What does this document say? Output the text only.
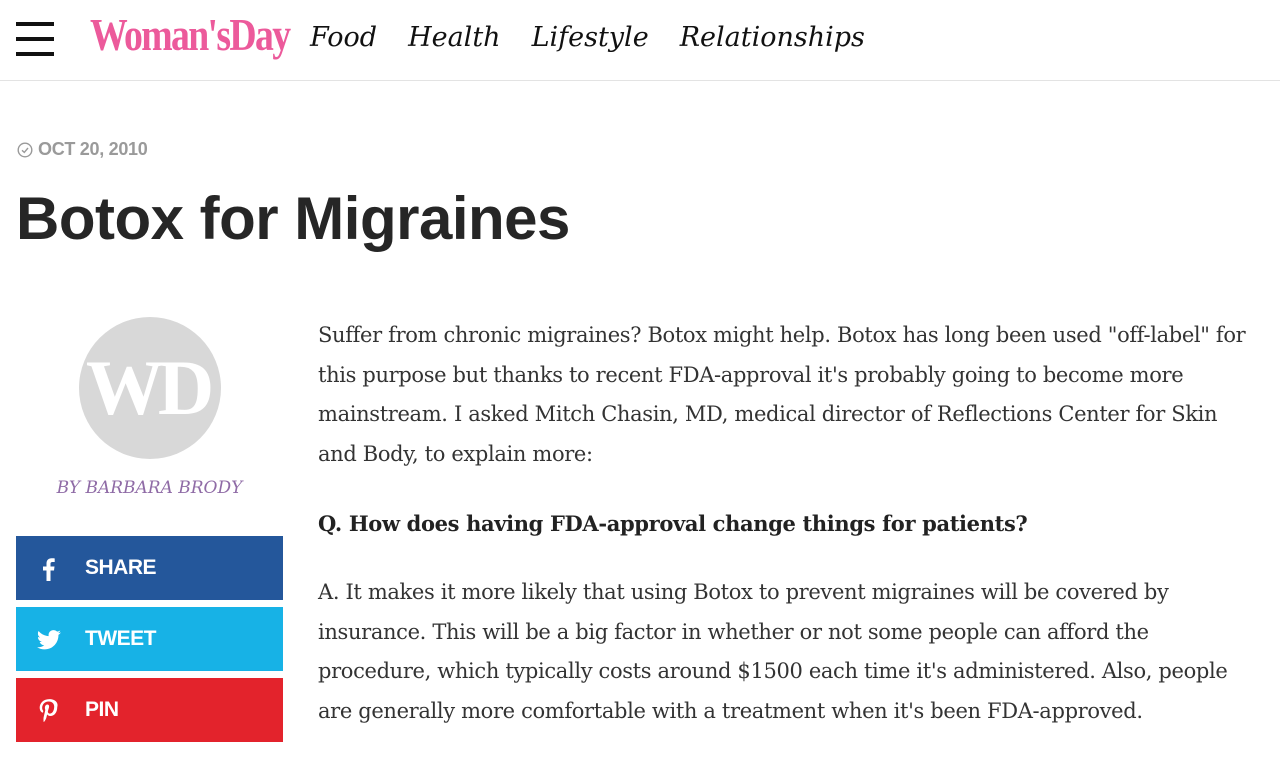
Woman'sDay Food Health Lifestyle Relationships
OCT 20, 2010
Botox for Migraines
WD
BY BARBARA BRODY
SHARE
TWEET
PIN

Suffer from chronic migraines? Botox might help. Botox has long been used "off-label" for this purpose but thanks to recent FDA-approval it's probably going to become more mainstream. I asked Mitch Chasin, MD, medical director of Reflections Center for Skin and Body, to explain more:

Q. How does having FDA-approval change things for patients?

A. It makes it more likely that using Botox to prevent migraines will be covered by insurance. This will be a big factor in whether or not some people can afford the procedure, which typically costs around $1500 each time it's administered. Also, people are generally more comfortable with a treatment when it's been FDA-approved.
